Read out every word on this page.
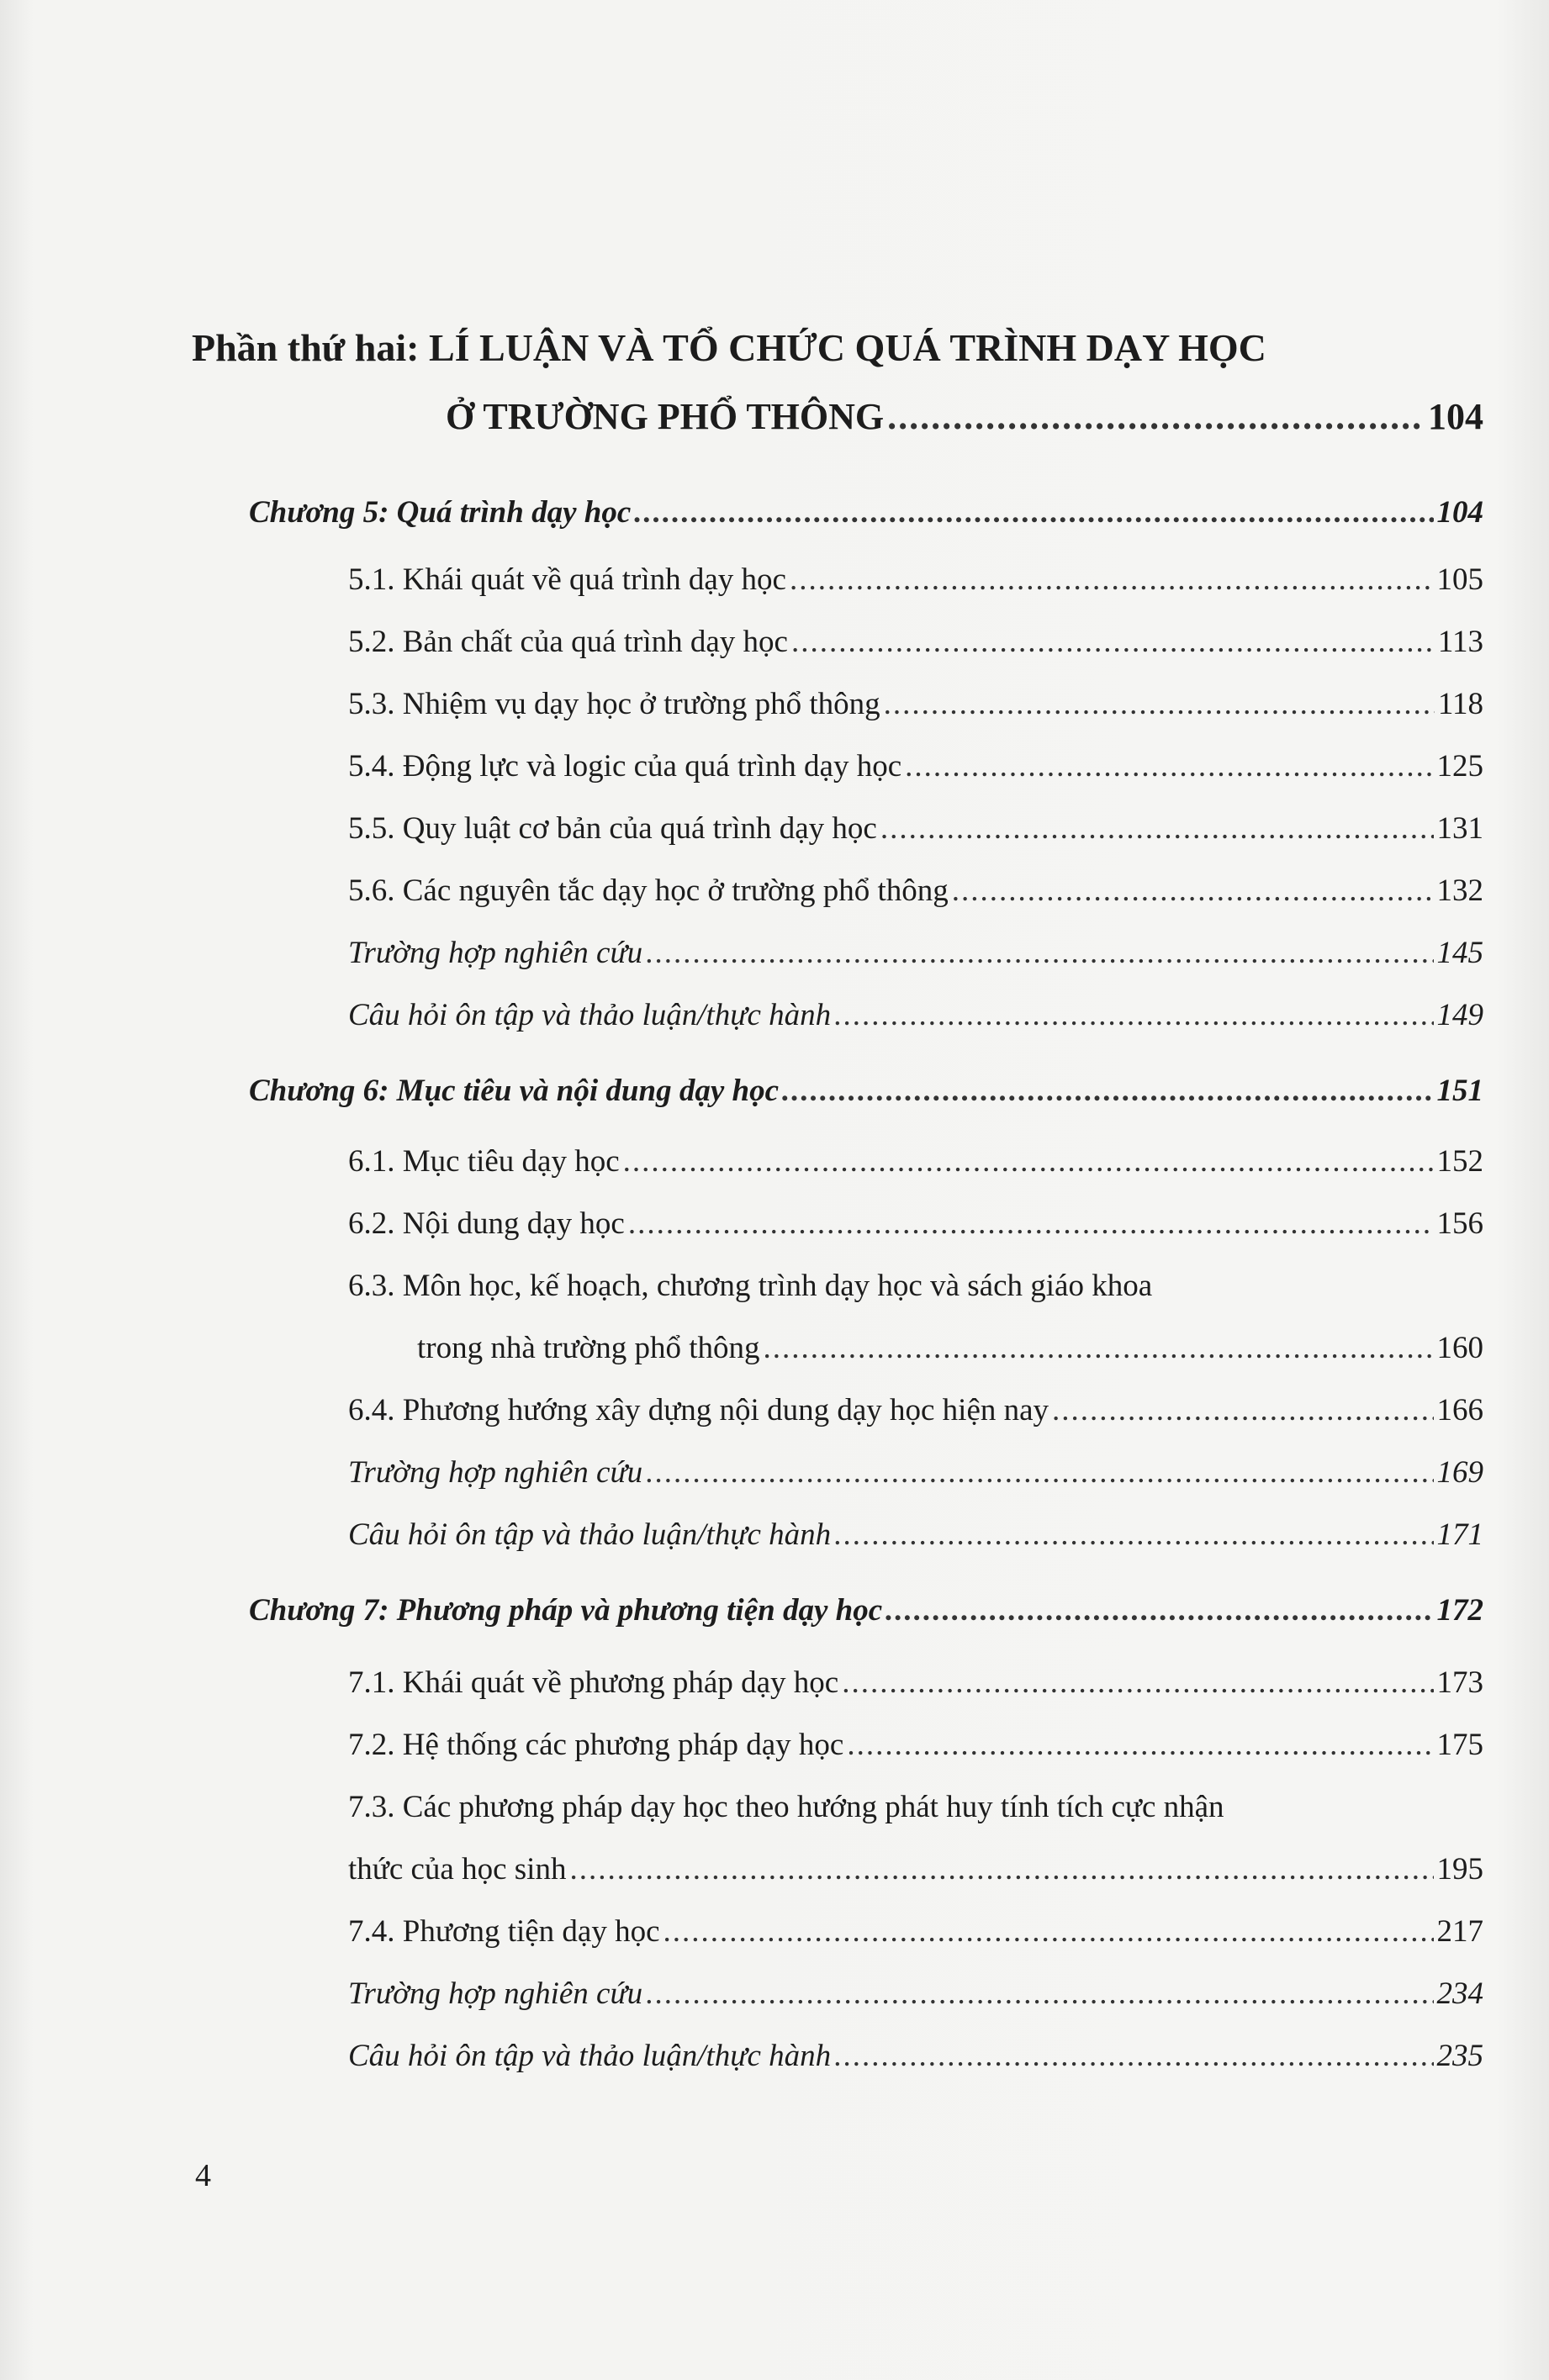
Phần thứ hai: LÍ LUẬN VÀ TỔ CHỨC QUÁ TRÌNH DẠY HỌC
Ở TRƯỜNG PHỔ THÔNG .....	104
Chương 5: Quá trình dạy học .....	104
5.1. Khái quát về quá trình dạy học .....	105
5.2. Bản chất của quá trình dạy học .....	113
5.3. Nhiệm vụ dạy học ở trường phổ thông .....	118
5.4. Động lực và logic của quá trình dạy học .....	125
5.5. Quy luật cơ bản của quá trình dạy học .....	131
5.6. Các nguyên tắc dạy học ở trường phổ thông .....	132
Trường hợp nghiên cứu .....	145
Câu hỏi ôn tập và thảo luận/thực hành .....	149
Chương 6: Mục tiêu và nội dung dạy học .....	151
6.1. Mục tiêu dạy học .....	152
6.2. Nội dung dạy học .....	156
6.3. Môn học, kế hoạch, chương trình dạy học và sách giáo khoa
trong nhà trường phổ thông .....	160
6.4. Phương hướng xây dựng nội dung dạy học hiện nay .....	166
Trường hợp nghiên cứu .....	169
Câu hỏi ôn tập và thảo luận/thực hành .....	171
Chương 7: Phương pháp và phương tiện dạy học .....	172
7.1. Khái quát về phương pháp dạy học .....	173
7.2. Hệ thống các phương pháp dạy học .....	175
7.3. Các phương pháp dạy học theo hướng phát huy tính tích cực nhận
thức của học sinh .....	195
7.4. Phương tiện dạy học .....	217
Trường hợp nghiên cứu .....	234
Câu hỏi ôn tập và thảo luận/thực hành .....	235
4
